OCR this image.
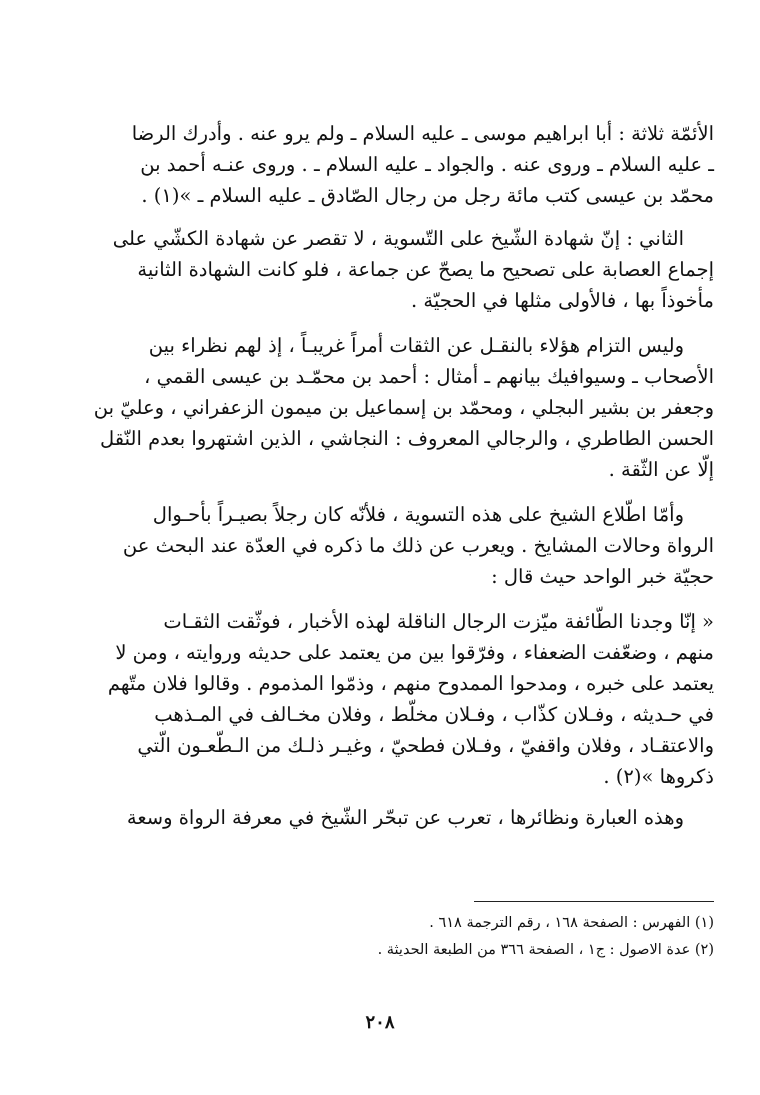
الأئمّة ثلاثة : أبا ابراهيم موسى ـ عليه السلام ـ ولم يرو عنه . وأدرك الرضا
ـ عليه السلام ـ وروى عنه . والجواد ـ عليه السلام ـ . وروى عنـه أحمد بن
محمّد بن عيسى كتب مائة رجل من رجال الصّادق ـ عليه السلام ـ »(١) .

الثاني : إنّ شهادة الشّيخ على التّسوية ، لا تقصر عن شهادة الكشّي على
إجماع العصابة على تصحيح ما يصحّ عن جماعة ، فلو كانت الشهادة الثانية
مأخوذاً بها ، فالأولى مثلها في الحجيّة .

وليس التزام هؤلاء بالنقـل عن الثقات أمراً غريبـاً ، إذ لهم نظراء بين
الأصحاب ـ وسيوافيك بيانهم ـ أمثال : أحمد بن محمّـد بن عيسى القمي ،
وجعفر بن بشير البجلي ، ومحمّد بن إسماعيل بن ميمون الزعفراني ، وعليّ بن
الحسن الطاطري ، والرجالي المعروف : النجاشي ، الذين اشتهروا بعدم النّقل
إلّا عن الثّقة .

وأمّا اطّلاع الشيخ على هذه التسوية ، فلأنّه كان رجلاً بصيـراً بأحـوال
الرواة وحالات المشايخ . ويعرب عن ذلك ما ذكره في العدّة عند البحث عن
حجيّة خبر الواحد حيث قال :

« إنّا وجدنا الطّائفة ميّزت الرجال الناقلة لهذه الأخبار ، فوثّقت الثقـات
منهم ، وضعّفت الضعفاء ، وفرّقوا بين من يعتمد على حديثه وروايته ، ومن لا
يعتمد على خبره ، ومدحوا الممدوح منهم ، وذمّوا المذموم . وقالوا فلان متّهم
في حـديثه ، وفـلان كذّاب ، وفـلان مخلّط ، وفلان مخـالف في المـذهب
والاعتقـاد ، وفلان واقفيّ ، وفـلان فطحيّ ، وغيـر ذلـك من الـطّعـون الّتي
ذكروها »(٢) .

وهذه العبارة ونظائرها ، تعرب عن تبحّر الشّيخ في معرفة الرواة وسعة

(١) الفهرس : الصفحة ١٦٨ ، رقم الترجمة ٦١٨ .
(٢) عدة الاصول : ج١ ، الصفحة ٣٦٦ من الطبعة الحديثة .
٢٠٨
